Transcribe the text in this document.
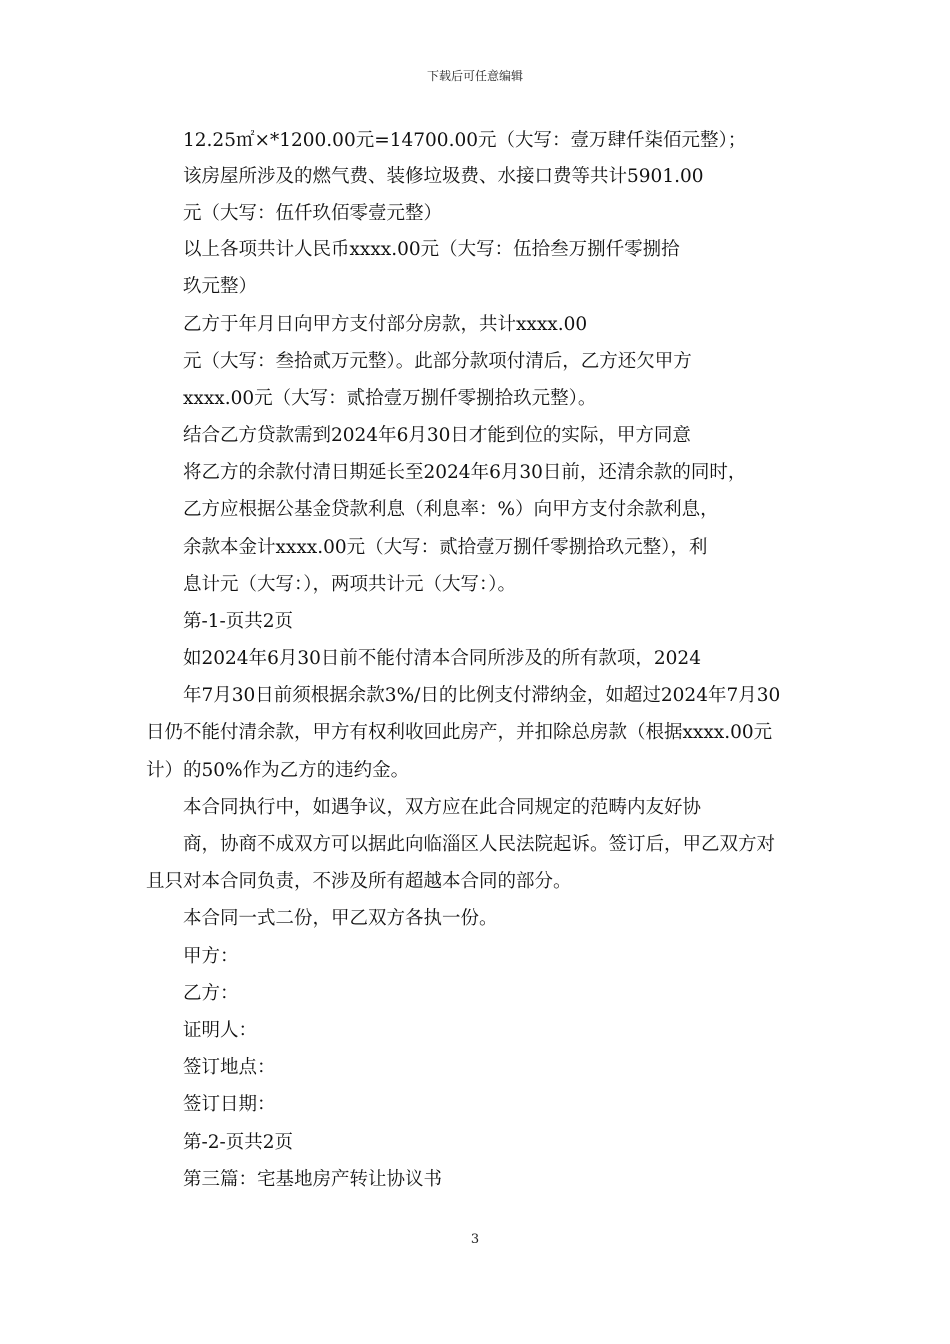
下载后可任意编辑
12.25㎡×*1200.00元=14700.00元（大写：壹万肆仟柒佰元整）；
该房屋所涉及的燃气费、装修垃圾费、水接口费等共计5901.00
元（大写：伍仟玖佰零壹元整）
以上各项共计人民币xxxx.00元（大写：伍拾叁万捌仟零捌拾
玖元整）
乙方于年月日向甲方支付部分房款，共计xxxx.00
元（大写：叁拾贰万元整）。此部分款项付清后，乙方还欠甲方
xxxx.00元（大写：贰拾壹万捌仟零捌拾玖元整）。
结合乙方贷款需到2024年6月30日才能到位的实际，甲方同意
将乙方的余款付清日期延长至2024年6月30日前，还清余款的同时，
乙方应根据公基金贷款利息（利息率：%）向甲方支付余款利息，
余款本金计xxxx.00元（大写：贰拾壹万捌仟零捌拾玖元整），利
息计元（大写：），两项共计元（大写：）。
第-1-页共2页
如2024年6月30日前不能付清本合同所涉及的所有款项，2024
年7月30日前须根据余款3%/日的比例支付滞纳金，如超过2024年7月30
日仍不能付清余款，甲方有权利收回此房产，并扣除总房款（根据xxxx.00元
计）的50%作为乙方的违约金。
本合同执行中，如遇争议，双方应在此合同规定的范畴内友好协
商，协商不成双方可以据此向临淄区人民法院起诉。签订后，甲乙双方对
且只对本合同负责，不涉及所有超越本合同的部分。
本合同一式二份，甲乙双方各执一份。
甲方：
乙方：
证明人：
签订地点：
签订日期：
第-2-页共2页
第三篇：宅基地房产转让协议书
3
